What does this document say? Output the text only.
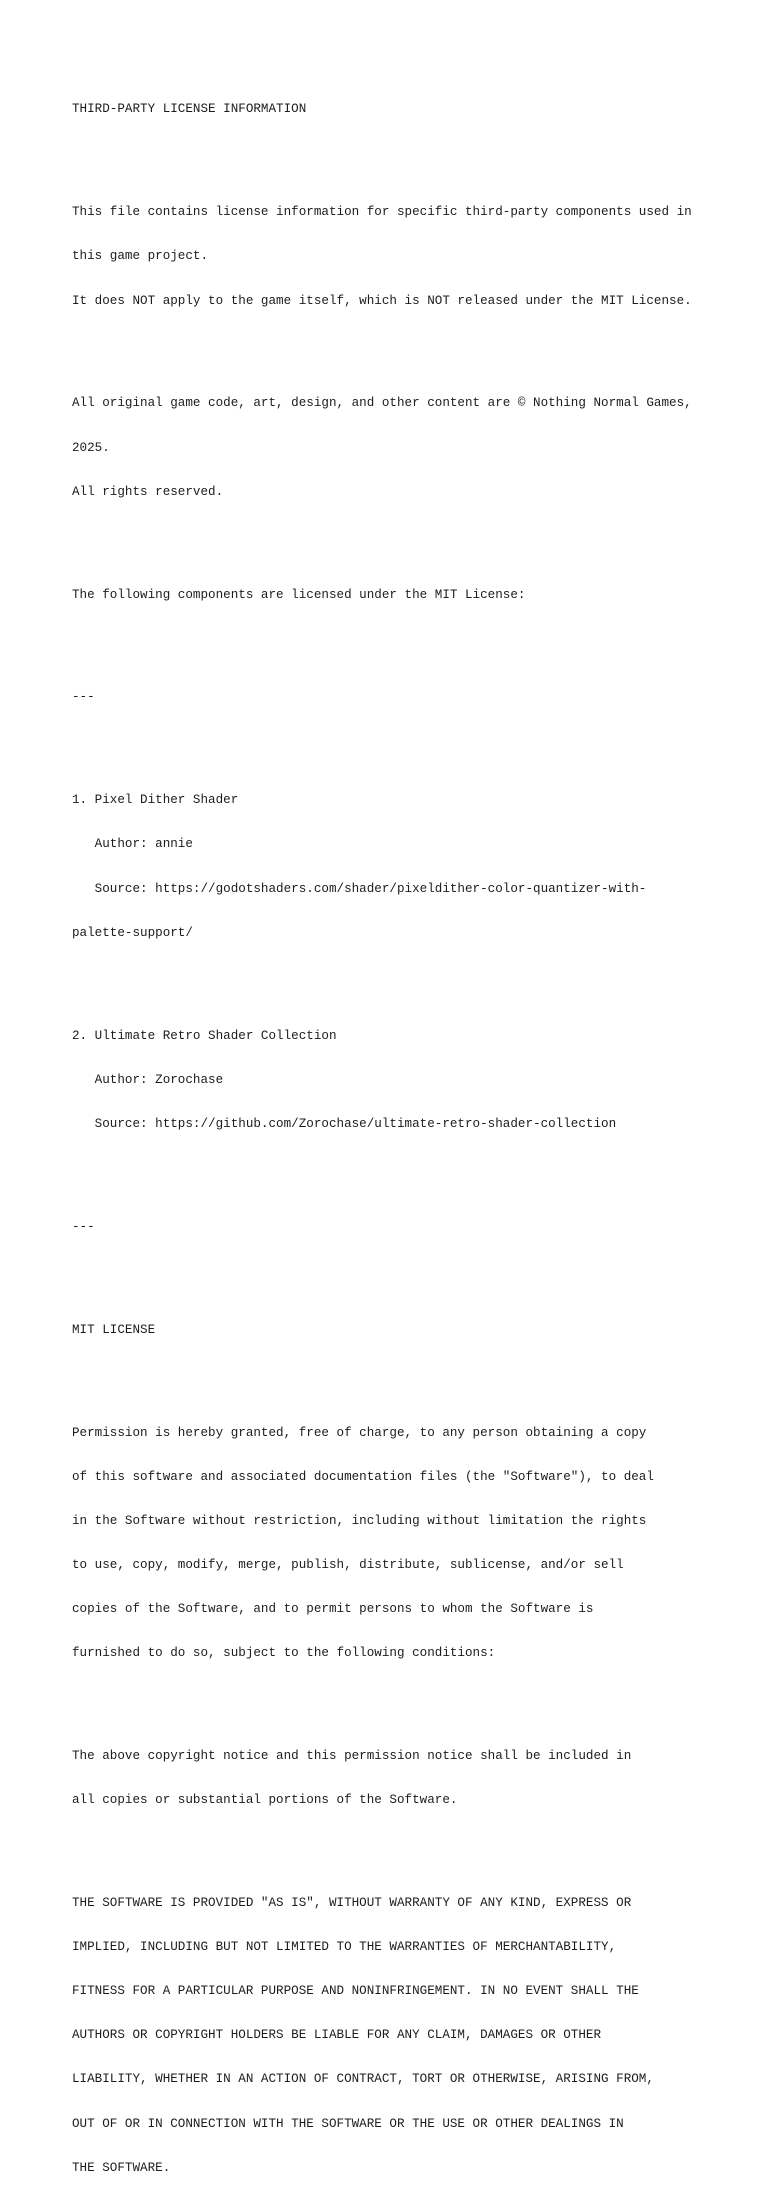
THIRD-PARTY LICENSE INFORMATION

This file contains license information for specific third-party components used in

this game project.

It does NOT apply to the game itself, which is NOT released under the MIT License.

All original game code, art, design, and other content are © Nothing Normal Games,

2025.

All rights reserved.

The following components are licensed under the MIT License:

---

1. Pixel Dither Shader

Author: annie

Source: https://godotshaders.com/shader/pixeldither-color-quantizer-with-

palette-support/

2. Ultimate Retro Shader Collection

Author: Zorochase

Source: https://github.com/Zorochase/ultimate-retro-shader-collection

---

MIT LICENSE

Permission is hereby granted, free of charge, to any person obtaining a copy

of this software and associated documentation files (the "Software"), to deal

in the Software without restriction, including without limitation the rights

to use, copy, modify, merge, publish, distribute, sublicense, and/or sell

copies of the Software, and to permit persons to whom the Software is

furnished to do so, subject to the following conditions:

The above copyright notice and this permission notice shall be included in

all copies or substantial portions of the Software.

THE SOFTWARE IS PROVIDED "AS IS", WITHOUT WARRANTY OF ANY KIND, EXPRESS OR

IMPLIED, INCLUDING BUT NOT LIMITED TO THE WARRANTIES OF MERCHANTABILITY,

FITNESS FOR A PARTICULAR PURPOSE AND NONINFRINGEMENT. IN NO EVENT SHALL THE

AUTHORS OR COPYRIGHT HOLDERS BE LIABLE FOR ANY CLAIM, DAMAGES OR OTHER

LIABILITY, WHETHER IN AN ACTION OF CONTRACT, TORT OR OTHERWISE, ARISING FROM,

OUT OF OR IN CONNECTION WITH THE SOFTWARE OR THE USE OR OTHER DEALINGS IN

THE SOFTWARE.
